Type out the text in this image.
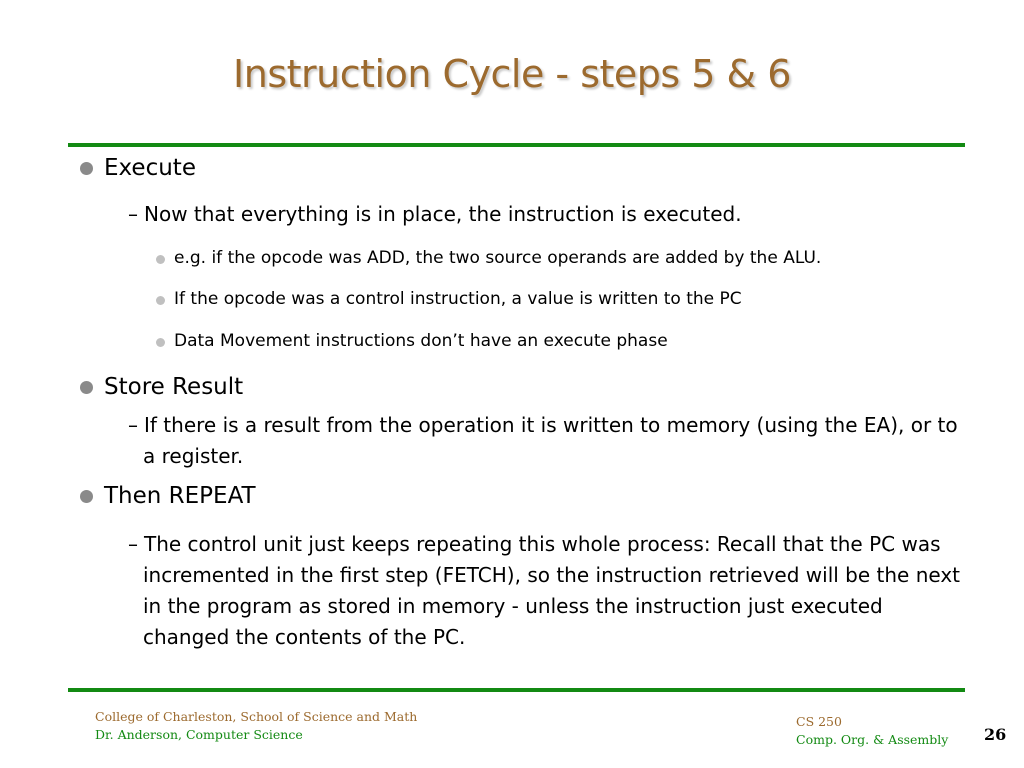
Instruction Cycle - steps 5 & 6
Execute
– Now that everything is in place, the instruction is executed.
e.g. if the opcode was ADD, the two source operands are added by the ALU.
If the opcode was a control instruction, a value is written to the PC
Data Movement instructions don’t have an execute phase
Store Result
– If there is a result from the operation it is written to memory (using the EA), or to a register.
Then REPEAT
– The control unit just keeps repeating this whole process: Recall that the PC was incremented in the first step (FETCH), so the instruction retrieved will be the next in the program as stored in memory - unless the instruction just executed changed the contents of the PC.
College of Charleston, School of Science and Math
Dr. Anderson, Computer Science
CS 250
Comp. Org. & Assembly 26
